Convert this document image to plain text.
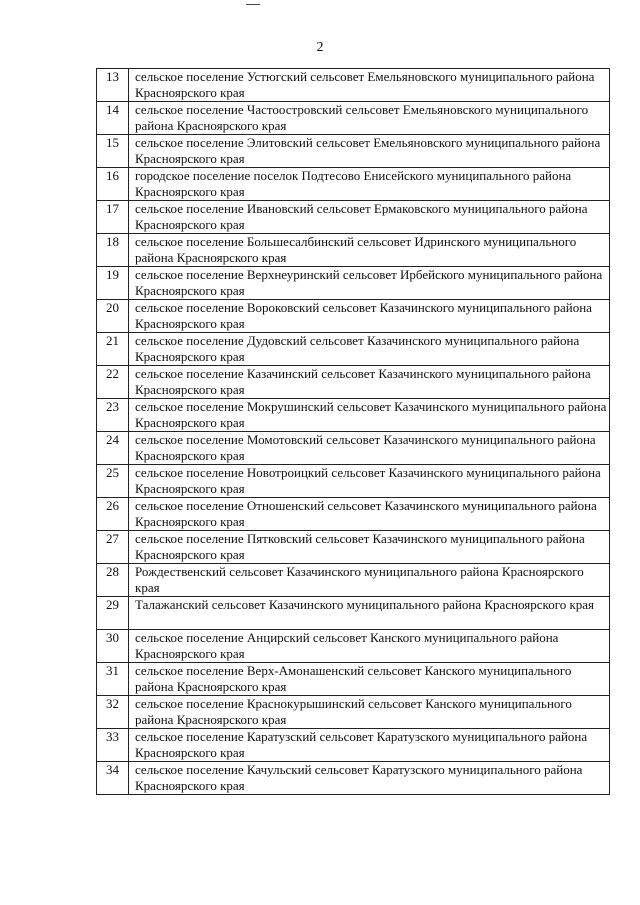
2
13	сельское поселение Устюгский сельсовет Емельяновского муниципального района Красноярского края
14	сельское поселение Частоостровский сельсовет Емельяновского муниципального района Красноярского края
15	сельское поселение Элитовский сельсовет Емельяновского муниципального района Красноярского края
16	городское поселение поселок Подтесово Енисейского муниципального района Красноярского края
17	сельское поселение Ивановский сельсовет Ермаковского муниципального района Красноярского края
18	сельское поселение Большесалбинский сельсовет Идринского муниципального района Красноярского края
19	сельское поселение Верхнеуринский сельсовет Ирбейского муниципального района Красноярского края
20	сельское поселение Вороковский сельсовет Казачинского муниципального района Красноярского края
21	сельское поселение Дудовский сельсовет Казачинского муниципального района Красноярского края
22	сельское поселение Казачинский сельсовет Казачинского муниципального района Красноярского края
23	сельское поселение Мокрушинский сельсовет Казачинского муниципального района Красноярского края
24	сельское поселение Момотовский сельсовет Казачинского муниципального района Красноярского края
25	сельское поселение Новотроицкий сельсовет Казачинского муниципального района Красноярского края
26	сельское поселение Отношенский сельсовет Казачинского муниципального района Красноярского края
27	сельское поселение Пятковский сельсовет Казачинского муниципального района Красноярского края
28	Рождественский сельсовет Казачинского муниципального района Красноярского края
29	Талажанский сельсовет Казачинского муниципального района Красноярского края
30	сельское поселение Анцирский сельсовет Канского муниципального района Красноярского края
31	сельское поселение Верх-Амонашенский сельсовет Канского муниципального района Красноярского края
32	сельское поселение Краснокурышинский сельсовет Канского муниципального района Красноярского края
33	сельское поселение Каратузский сельсовет Каратузского муниципального района Красноярского края
34	сельское поселение Качульский сельсовет Каратузского муниципального района Красноярского края
